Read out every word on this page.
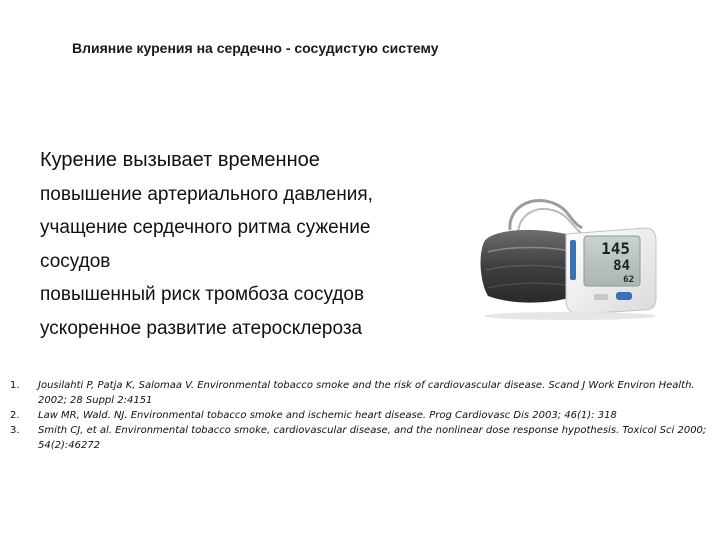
Влияние курения на сердечно - сосудистую систему
Курение вызывает временное
повышение артериального давления,
учащение сердечного ритма сужение
сосудов
повышенный риск тромбоза сосудов
ускоренное развитие атеросклероза
145
84
62
1.	Jousilahti P, Patja K, Salomaa V. Environmental tobacco smoke and the risk of cardiovascular disease. Scand J Work Environ Health. 2002; 28 Suppl 2:4151
2.	Law MR, Wald. NJ. Environmental tobacco smoke and ischemic heart disease. Prog Cardiovasc Dis 2003; 46(1): 318
3.	Smith CJ, et al. Environmental tobacco smoke, cardiovascular disease, and the nonlinear dose response hypothesis. Toxicol Sci 2000; 54(2):46272
